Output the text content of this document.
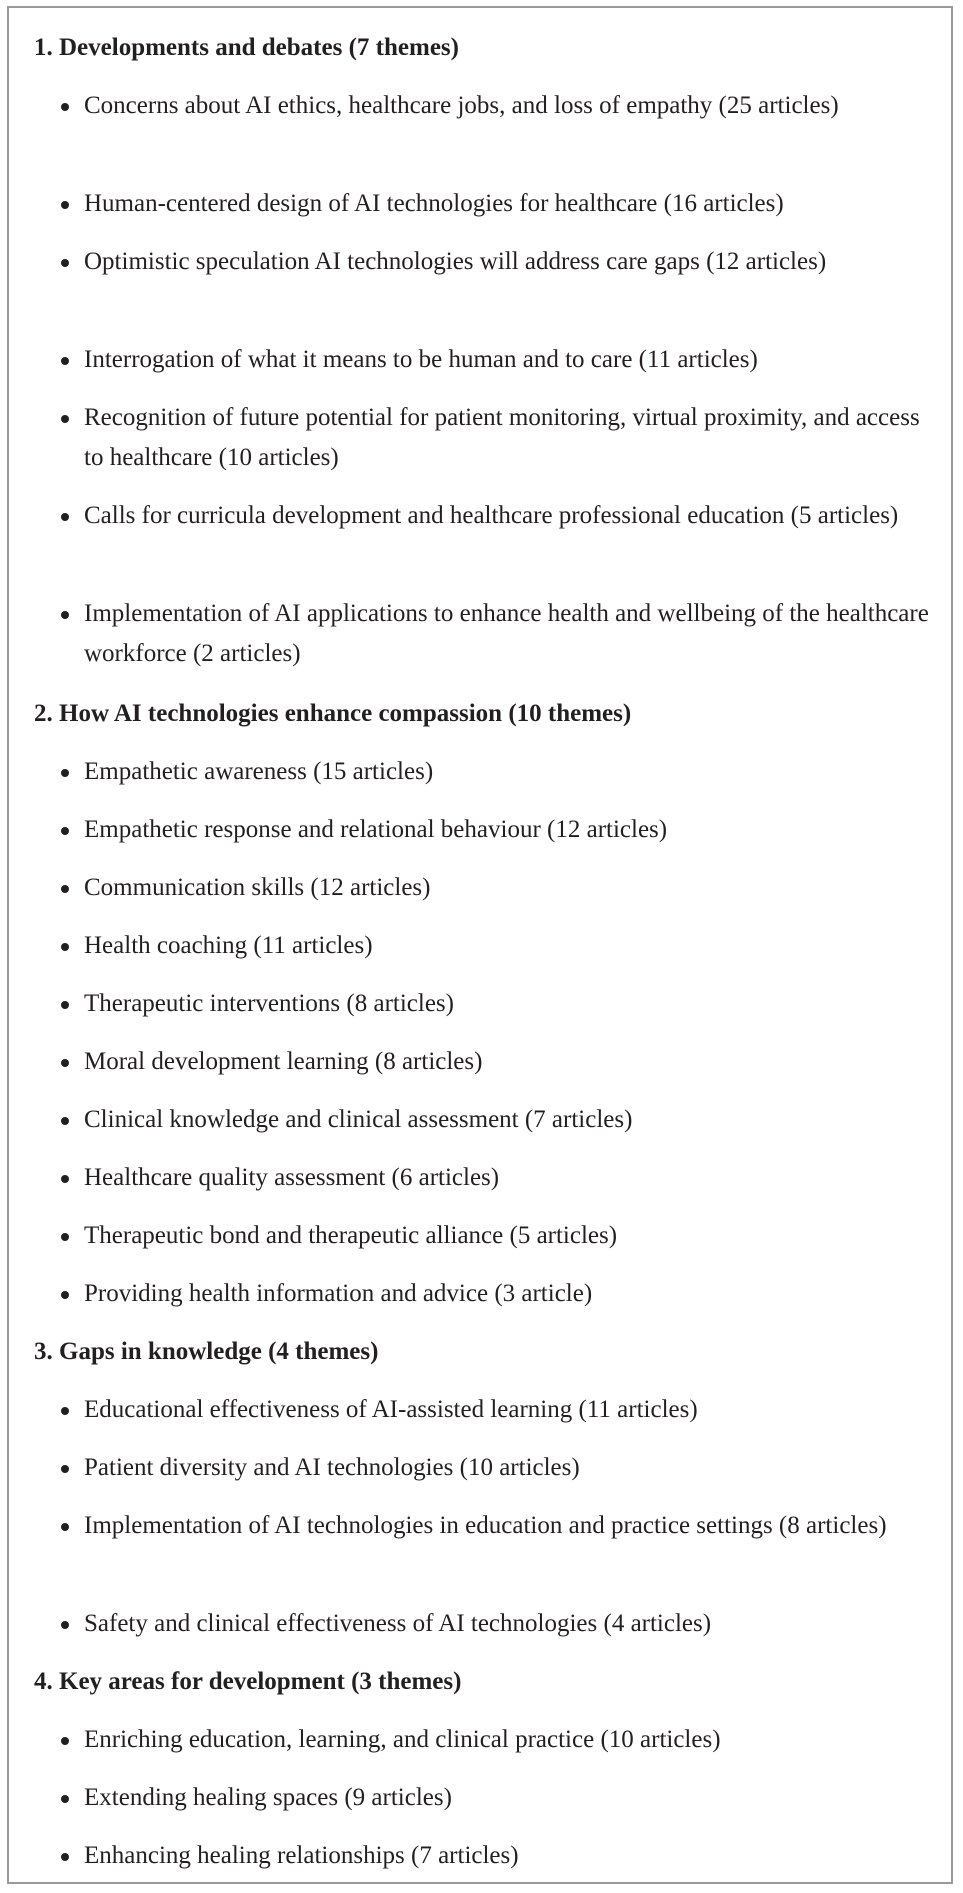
1. Developments and debates (7 themes)
Concerns about AI ethics, healthcare jobs, and loss of empathy (25 articles)
Human-centered design of AI technologies for healthcare (16 articles)
Optimistic speculation AI technologies will address care gaps (12 articles)
Interrogation of what it means to be human and to care (11 articles)
Recognition of future potential for patient monitoring, virtual proximity, and access to healthcare (10 articles)
Calls for curricula development and healthcare professional education (5 articles)
Implementation of AI applications to enhance health and wellbeing of the healthcare workforce (2 articles)
2. How AI technologies enhance compassion (10 themes)
Empathetic awareness (15 articles)
Empathetic response and relational behaviour (12 articles)
Communication skills (12 articles)
Health coaching (11 articles)
Therapeutic interventions (8 articles)
Moral development learning (8 articles)
Clinical knowledge and clinical assessment (7 articles)
Healthcare quality assessment (6 articles)
Therapeutic bond and therapeutic alliance (5 articles)
Providing health information and advice (3 article)
3. Gaps in knowledge (4 themes)
Educational effectiveness of AI-assisted learning (11 articles)
Patient diversity and AI technologies (10 articles)
Implementation of AI technologies in education and practice settings (8 articles)
Safety and clinical effectiveness of AI technologies (4 articles)
4. Key areas for development (3 themes)
Enriching education, learning, and clinical practice (10 articles)
Extending healing spaces (9 articles)
Enhancing healing relationships (7 articles)
